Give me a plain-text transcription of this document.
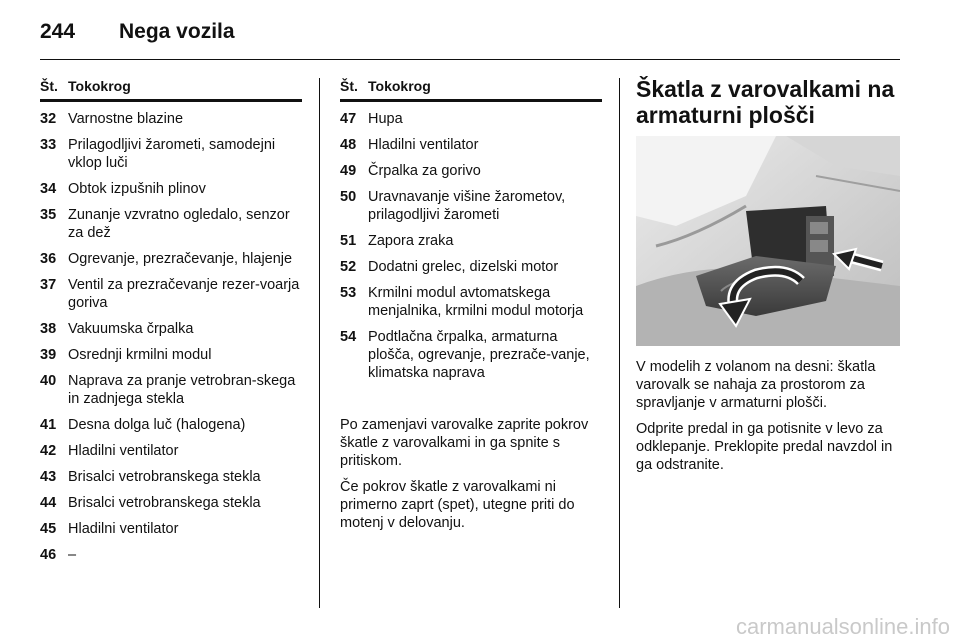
244 Nega vozila
Št. Tokokrog
32 Varnostne blazine
33 Prilagodljivi žarometi, samodejni vklop luči
34 Obtok izpušnih plinov
35 Zunanje vzvratno ogledalo, senzor za dež
36 Ogrevanje, prezračevanje, hlajenje
37 Ventil za prezračevanje rezer-voarja goriva
38 Vakuumska črpalka
39 Osrednji krmilni modul
40 Naprava za pranje vetrobran-skega in zadnjega stekla
41 Desna dolga luč (halogena)
42 Hladilni ventilator
43 Brisalci vetrobranskega stekla
44 Brisalci vetrobranskega stekla
45 Hladilni ventilator
46 –
Št. Tokokrog
47 Hupa
48 Hladilni ventilator
49 Črpalka za gorivo
50 Uravnavanje višine žarometov, prilagodljivi žarometi
51 Zapora zraka
52 Dodatni grelec, dizelski motor
53 Krmilni modul avtomatskega menjalnika, krmilni modul motorja
54 Podtlačna črpalka, armaturna plošča, ogrevanje, prezrače-vanje, klimatska naprava

Po zamenjavi varovalke zaprite pokrov škatle z varovalkami in ga spnite s pritiskom.

Če pokrov škatle z varovalkami ni primerno zaprt (spet), utegne priti do motenj v delovanju.

Škatla z varovalkami na armaturni plošči

V modelih z volanom na desni: škatla varovalk se nahaja za prostorom za spravljanje v armaturni plošči.

Odprite predal in ga potisnite v levo za odklepanje. Preklopite predal navzdol in ga odstranite.

carmanualsonline.info
